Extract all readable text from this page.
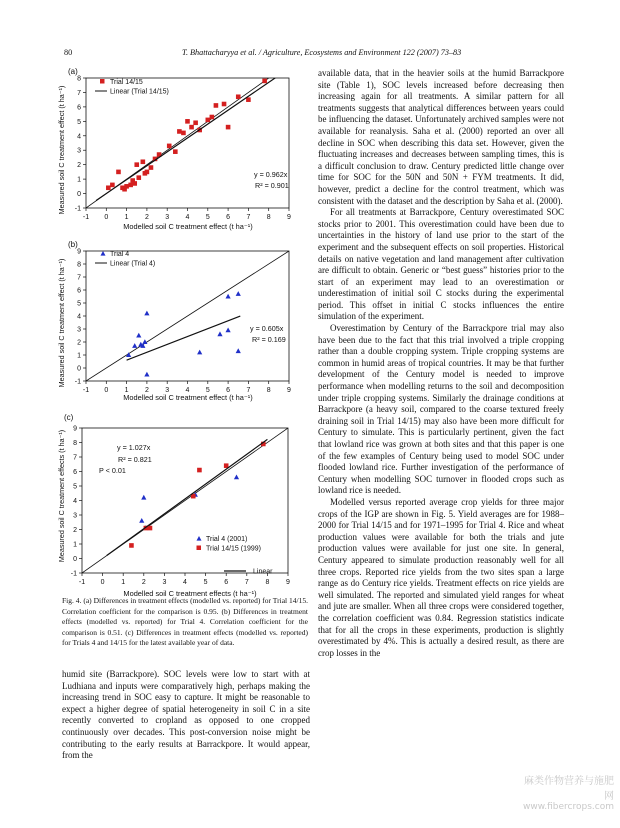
80	T. Bhattacharyya et al. / Agriculture, Ecosystems and Environment 122 (2007) 73–83
(a)
Measured soil C treatment effect (t ha⁻¹)
Modelled soil C treatment effect (t ha⁻¹)
-1 0 1 2 3 4 5 6 7 8 9
-1
0
1
2
3
4
5
6
7
8	Trial 14/15
Linear (Trial 14/15)
y = 0.962x
R² = 0.901

(b)
Measured soil C treatment effect (t ha⁻¹)
Modelled soil C treatment effect (t ha⁻¹)
-1 0 1 2 3 4 5 6 7 8 9
-1
0
1
2
3
4
5
6
7
8
9	Trial 4
Linear (Trial 4)
y = 0.605x
R² = 0.169

(c)
Measured soil C treatment effects (t ha⁻¹)
Modelled soil C treatment effects (t ha⁻¹)
-1 0 1 2 3 4 5 6 7 8 9
-1
0
1
2
3
4
5
6
7
8
9
y = 1.027x
R² = 0.821
P < 0.01
Trial 4 (2001)
Trial 14/15 (1999)
Linear
Fig. 4. (a) Differences in treatment effects (modelled vs. reported) for Trial 14/15. Correlation coefficient for the comparison is 0.95. (b) Differences in treatment effects (modelled vs. reported) for Trial 4. Correlation coefficient for the comparison is 0.51. (c) Differences in treatment effects (modelled vs. reported) for Trials 4 and 14/15 for the latest available year of data.
humid site (Barrackpore). SOC levels were low to start with at Ludhiana and inputs were comparatively high, perhaps making the increasing trend in SOC easy to capture. It might be reasonable to expect a higher degree of spatial heterogeneity in soil C in a site recently converted to cropland as opposed to one cropped continuously over decades. This post-conversion noise might be contributing to the early results at Barrackpore. It would appear, from the

available data, that in the heavier soils at the humid Barrackpore site (Table 1), SOC levels increased before decreasing then increasing again for all treatments. A similar pattern for all treatments suggests that analytical differences between years could be influencing the dataset. Unfortunately archived samples were not available for reanalysis. Saha et al. (2000) reported an over all decline in SOC when describing this data set. However, given the fluctuating increases and decreases between sampling times, this is a difficult conclusion to draw. Century predicted little change over time for SOC for the 50N and 50N + FYM treatments. It did, however, predict a decline for the control treatment, which was consistent with the dataset and the description by Saha et al. (2000).

For all treatments at Barrackpore, Century overestimated SOC stocks prior to 2001. This overestimation could have been due to uncertainties in the history of land use prior to the start of the experiment and the subsequent effects on soil properties. Historical details on native vegetation and land management after cultivation are difficult to obtain. Generic or “best guess” histories prior to the start of an experiment may lead to an overestimation or underestimation of initial soil C stocks during the experimental period. This offset in initial C stocks influences the entire simulation of the experiment.

Overestimation by Century of the Barrackpore trial may also have been due to the fact that this trial involved a triple cropping rather than a double cropping system. Triple cropping systems are common in humid areas of tropical countries. It may be that further development of the Century model is needed to improve performance when modelling returns to the soil and decomposition under triple cropping systems. Similarly the drainage conditions at Barrackpore (a heavy soil, compared to the coarse textured freely draining soil in Trial 14/15) may also have been more difficult for Century to simulate. This is particularly pertinent, given the fact that lowland rice was grown at both sites and that this paper is one of the few examples of Century being used to model SOC under flooded lowland rice. Further investigation of the performance of Century when modelling SOC turnover in flooded crops such as lowland rice is needed.

Modelled versus reported average crop yields for three major crops of the IGP are shown in Fig. 5. Yield averages are for 1988–2000 for Trial 14/15 and for 1971–1995 for Trial 4. Rice and wheat production values were available for both the trials and jute production values were available for just one site. In general, Century appeared to simulate production reasonably well for all three crops. Reported rice yields from the two sites span a large range as do Century rice yields. Treatment effects on rice yields are well simulated. The reported and simulated yield ranges for wheat and jute are smaller. When all three crops were considered together, the correlation coefficient was 0.84. Regression statistics indicate that for all the crops in these experiments, production is slightly overestimated by 4%. This is actually a desired result, as there are crop losses in the

麻类作物营养与施肥网
www.fibercrops.com
